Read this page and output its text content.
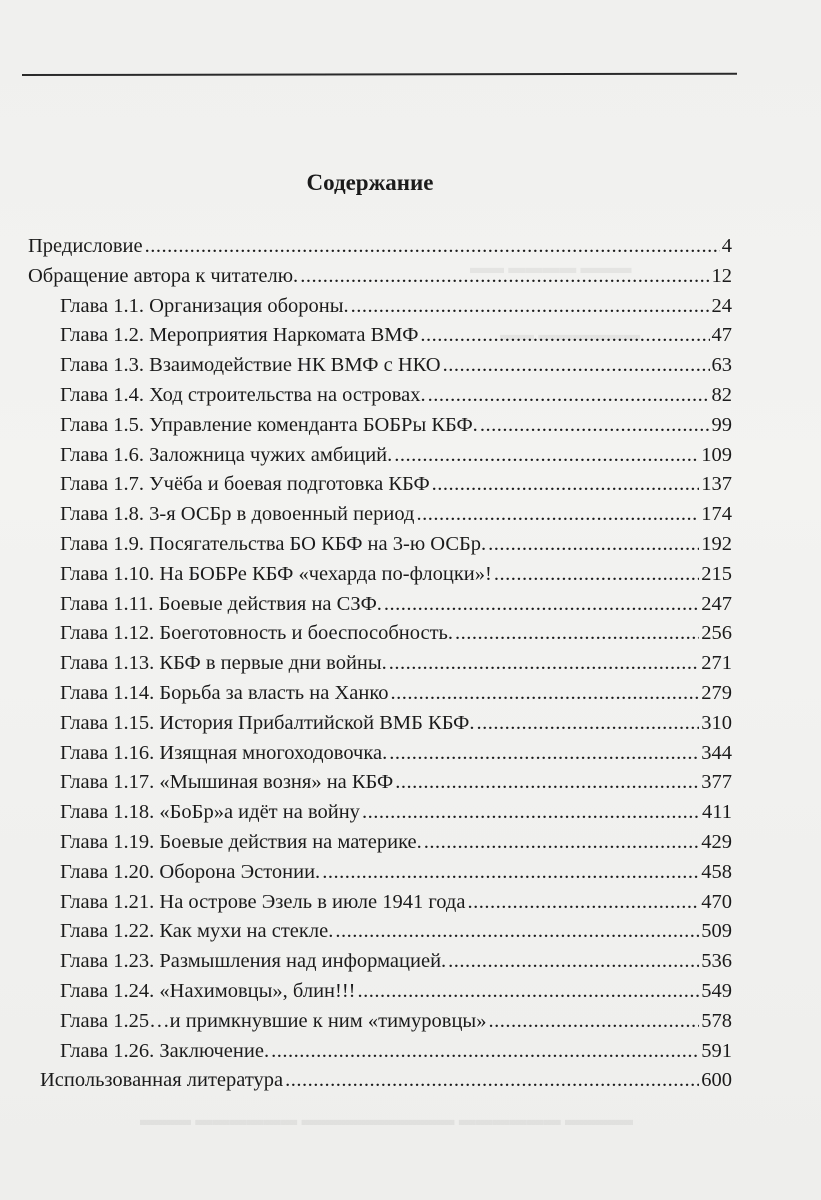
▬▬▬ ▬▬▬▬ ▬▬
▬▬▬▬▬▬ ▬▬
▬▬▬▬ ▬▬▬▬▬▬ ▬▬▬▬▬▬▬▬▬ ▬▬▬▬▬▬ ▬▬▬
Содержание
Предисловие .....	4
Обращение автора к читателю. .....	12
Глава 1.1. Организация обороны. .....	24
Глава 1.2. Мероприятия Наркомата ВМФ .....	47
Глава 1.3. Взаимодействие НК ВМФ с НКО .....	63
Глава 1.4. Ход строительства на островах. .....	82
Глава 1.5. Управление коменданта БОБРы КБФ. .....	99
Глава 1.6. Заложница чужих амбиций. .....	109
Глава 1.7. Учёба и боевая подготовка КБФ .....	137
Глава 1.8. 3-я ОСБр в довоенный период .....	174
Глава 1.9. Посягательства БО КБФ на 3-ю ОСБр. .....	192
Глава 1.10. На БОБРе КБФ «чехарда по-флоцки»! .....	215
Глава 1.11. Боевые действия на СЗФ. .....	247
Глава 1.12. Боеготовность и боеспособность. .....	256
Глава 1.13. КБФ в первые дни войны. .....	271
Глава 1.14. Борьба за власть на Ханко .....	279
Глава 1.15. История Прибалтийской ВМБ КБФ. .....	310
Глава 1.16. Изящная многоходовочка. .....	344
Глава 1.17. «Мышиная возня» на КБФ .....	377
Глава 1.18. «БоБр»а идёт на войну .....	411
Глава 1.19. Боевые действия на материке. .....	429
Глава 1.20. Оборона Эстонии. .....	458
Глава 1.21. На острове Эзель в июле 1941 года .....	470
Глава 1.22. Как мухи на стекле. .....	509
Глава 1.23. Размышления над информацией. .....	536
Глава 1.24. «Нахимовцы», блин!!! .....	549
Глава 1.25…и примкнувшие к ним «тимуровцы» .....	578
Глава 1.26. Заключение. .....	591
Использованная литература .....	600
